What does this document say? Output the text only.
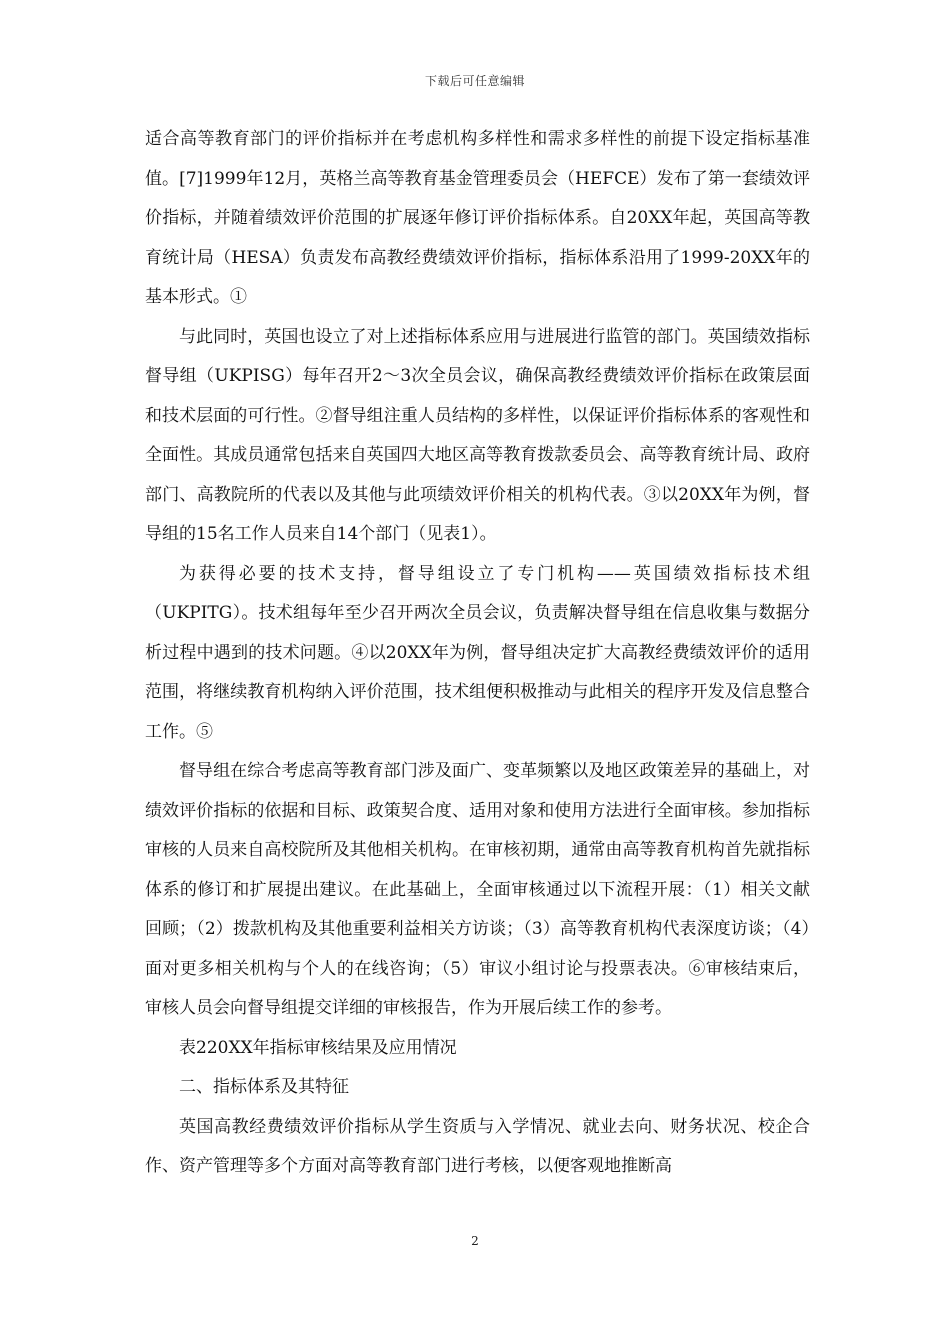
下载后可任意编辑

适合高等教育部门的评价指标并在考虑机构多样性和需求多样性的前提下设定指标基准值。[7]1999年12月，英格兰高等教育基金管理委员会（HEFCE）发布了第一套绩效评价指标，并随着绩效评价范围的扩展逐年修订评价指标体系。自20XX年起，英国高等教育统计局（HESA）负责发布高教经费绩效评价指标，指标体系沿用了1999-20XX年的基本形式。①

与此同时，英国也设立了对上述指标体系应用与进展进行监管的部门。英国绩效指标督导组（UKPISG）每年召开2～3次全员会议，确保高教经费绩效评价指标在政策层面和技术层面的可行性。②督导组注重人员结构的多样性，以保证评价指标体系的客观性和全面性。其成员通常包括来自英国四大地区高等教育拨款委员会、高等教育统计局、政府部门、高教院所的代表以及其他与此项绩效评价相关的机构代表。③以20XX年为例，督导组的15名工作人员来自14个部门（见表1）。

为获得必要的技术支持，督导组设立了专门机构——英国绩效指标技术组（UKPITG）。技术组每年至少召开两次全员会议，负责解决督导组在信息收集与数据分析过程中遇到的技术问题。④以20XX年为例，督导组决定扩大高教经费绩效评价的适用范围，将继续教育机构纳入评价范围，技术组便积极推动与此相关的程序开发及信息整合工作。⑤

督导组在综合考虑高等教育部门涉及面广、变革频繁以及地区政策差异的基础上，对绩效评价指标的依据和目标、政策契合度、适用对象和使用方法进行全面审核。参加指标审核的人员来自高校院所及其他相关机构。在审核初期，通常由高等教育机构首先就指标体系的修订和扩展提出建议。在此基础上，全面审核通过以下流程开展：（1）相关文献回顾；（2）拨款机构及其他重要利益相关方访谈；（3）高等教育机构代表深度访谈；（4）面对更多相关机构与个人的在线咨询；（5）审议小组讨论与投票表决。⑥审核结束后，审核人员会向督导组提交详细的审核报告，作为开展后续工作的参考。

表220XX年指标审核结果及应用情况

二、指标体系及其特征

英国高教经费绩效评价指标从学生资质与入学情况、就业去向、财务状况、校企合作、资产管理等多个方面对高等教育部门进行考核，以便客观地推断高

2
